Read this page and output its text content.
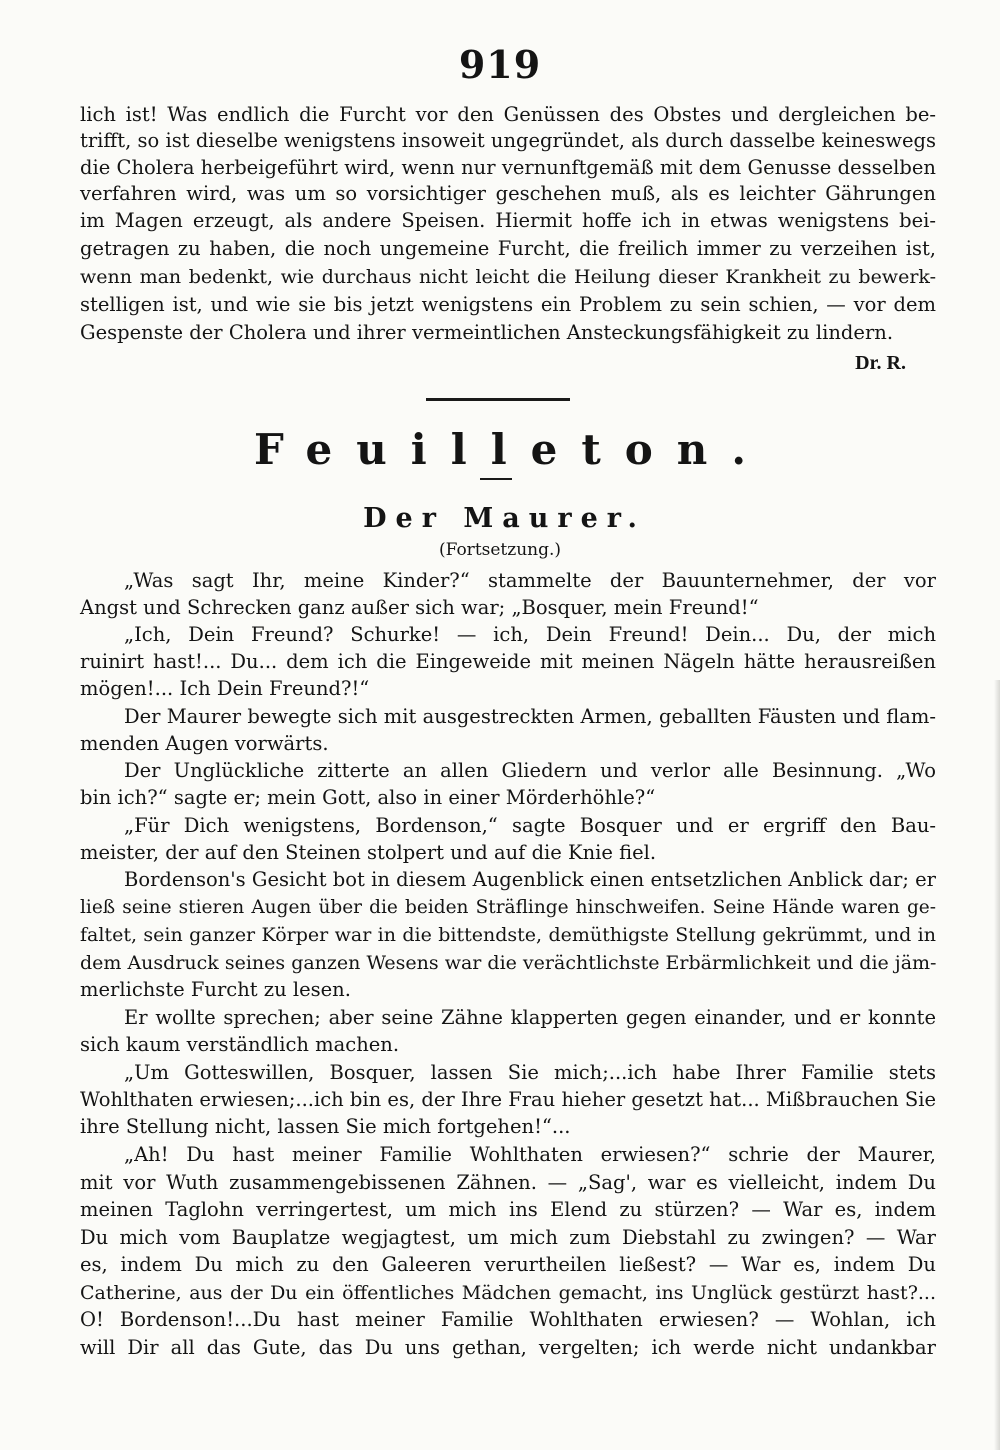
919
lich ist! Was endlich die Furcht vor den Genüssen des Obstes und dergleichen be-
trifft, so ist dieselbe wenigstens insoweit ungegründet, als durch dasselbe keineswegs
die Cholera herbeigeführt wird, wenn nur vernunftgemäß mit dem Genusse desselben
verfahren wird, was um so vorsichtiger geschehen muß, als es leichter Gährungen
im Magen erzeugt, als andere Speisen. Hiermit hoffe ich in etwas wenigstens bei-
getragen zu haben, die noch ungemeine Furcht, die freilich immer zu verzeihen ist,
wenn man bedenkt, wie durchaus nicht leicht die Heilung dieser Krankheit zu bewerk-
stelligen ist, und wie sie bis jetzt wenigstens ein Problem zu sein schien, — vor dem
Gespenste der Cholera und ihrer vermeintlichen Ansteckungsfähigkeit zu lindern.
Dr. R.
Feuilleton.
Der Maurer.
(Fortsetzung.)
„Was sagt Ihr, meine Kinder?“ stammelte der Bauunternehmer, der vor
Angst und Schrecken ganz außer sich war; „Bosquer, mein Freund!“
„Ich, Dein Freund? Schurke! — ich, Dein Freund! Dein... Du, der mich
ruinirt hast!... Du... dem ich die Eingeweide mit meinen Nägeln hätte herausreißen
mögen!... Ich Dein Freund?!“
Der Maurer bewegte sich mit ausgestreckten Armen, geballten Fäusten und flam-
menden Augen vorwärts.
Der Unglückliche zitterte an allen Gliedern und verlor alle Besinnung. „Wo
bin ich?“ sagte er; mein Gott, also in einer Mörderhöhle?“
„Für Dich wenigstens, Bordenson,“ sagte Bosquer und er ergriff den Bau-
meister, der auf den Steinen stolpert und auf die Knie fiel.
Bordenson's Gesicht bot in diesem Augenblick einen entsetzlichen Anblick dar; er
ließ seine stieren Augen über die beiden Sträflinge hinschweifen. Seine Hände waren ge-
faltet, sein ganzer Körper war in die bittendste, demüthigste Stellung gekrümmt, und in
dem Ausdruck seines ganzen Wesens war die verächtlichste Erbärmlichkeit und die jäm-
merlichste Furcht zu lesen.
Er wollte sprechen; aber seine Zähne klapperten gegen einander, und er konnte
sich kaum verständlich machen.
„Um Gotteswillen, Bosquer, lassen Sie mich;...ich habe Ihrer Familie stets
Wohlthaten erwiesen;...ich bin es, der Ihre Frau hieher gesetzt hat... Mißbrauchen Sie
ihre Stellung nicht, lassen Sie mich fortgehen!“...
„Ah! Du hast meiner Familie Wohlthaten erwiesen?“ schrie der Maurer,
mit vor Wuth zusammengebissenen Zähnen. — „Sag', war es vielleicht, indem Du
meinen Taglohn verringertest, um mich ins Elend zu stürzen? — War es, indem
Du mich vom Bauplatze wegjagtest, um mich zum Diebstahl zu zwingen? — War
es, indem Du mich zu den Galeeren verurtheilen ließest? — War es, indem Du
Catherine, aus der Du ein öffentliches Mädchen gemacht, ins Unglück gestürzt hast?...
O! Bordenson!...Du hast meiner Familie Wohlthaten erwiesen? — Wohlan, ich
will Dir all das Gute, das Du uns gethan, vergelten; ich werde nicht undankbar
